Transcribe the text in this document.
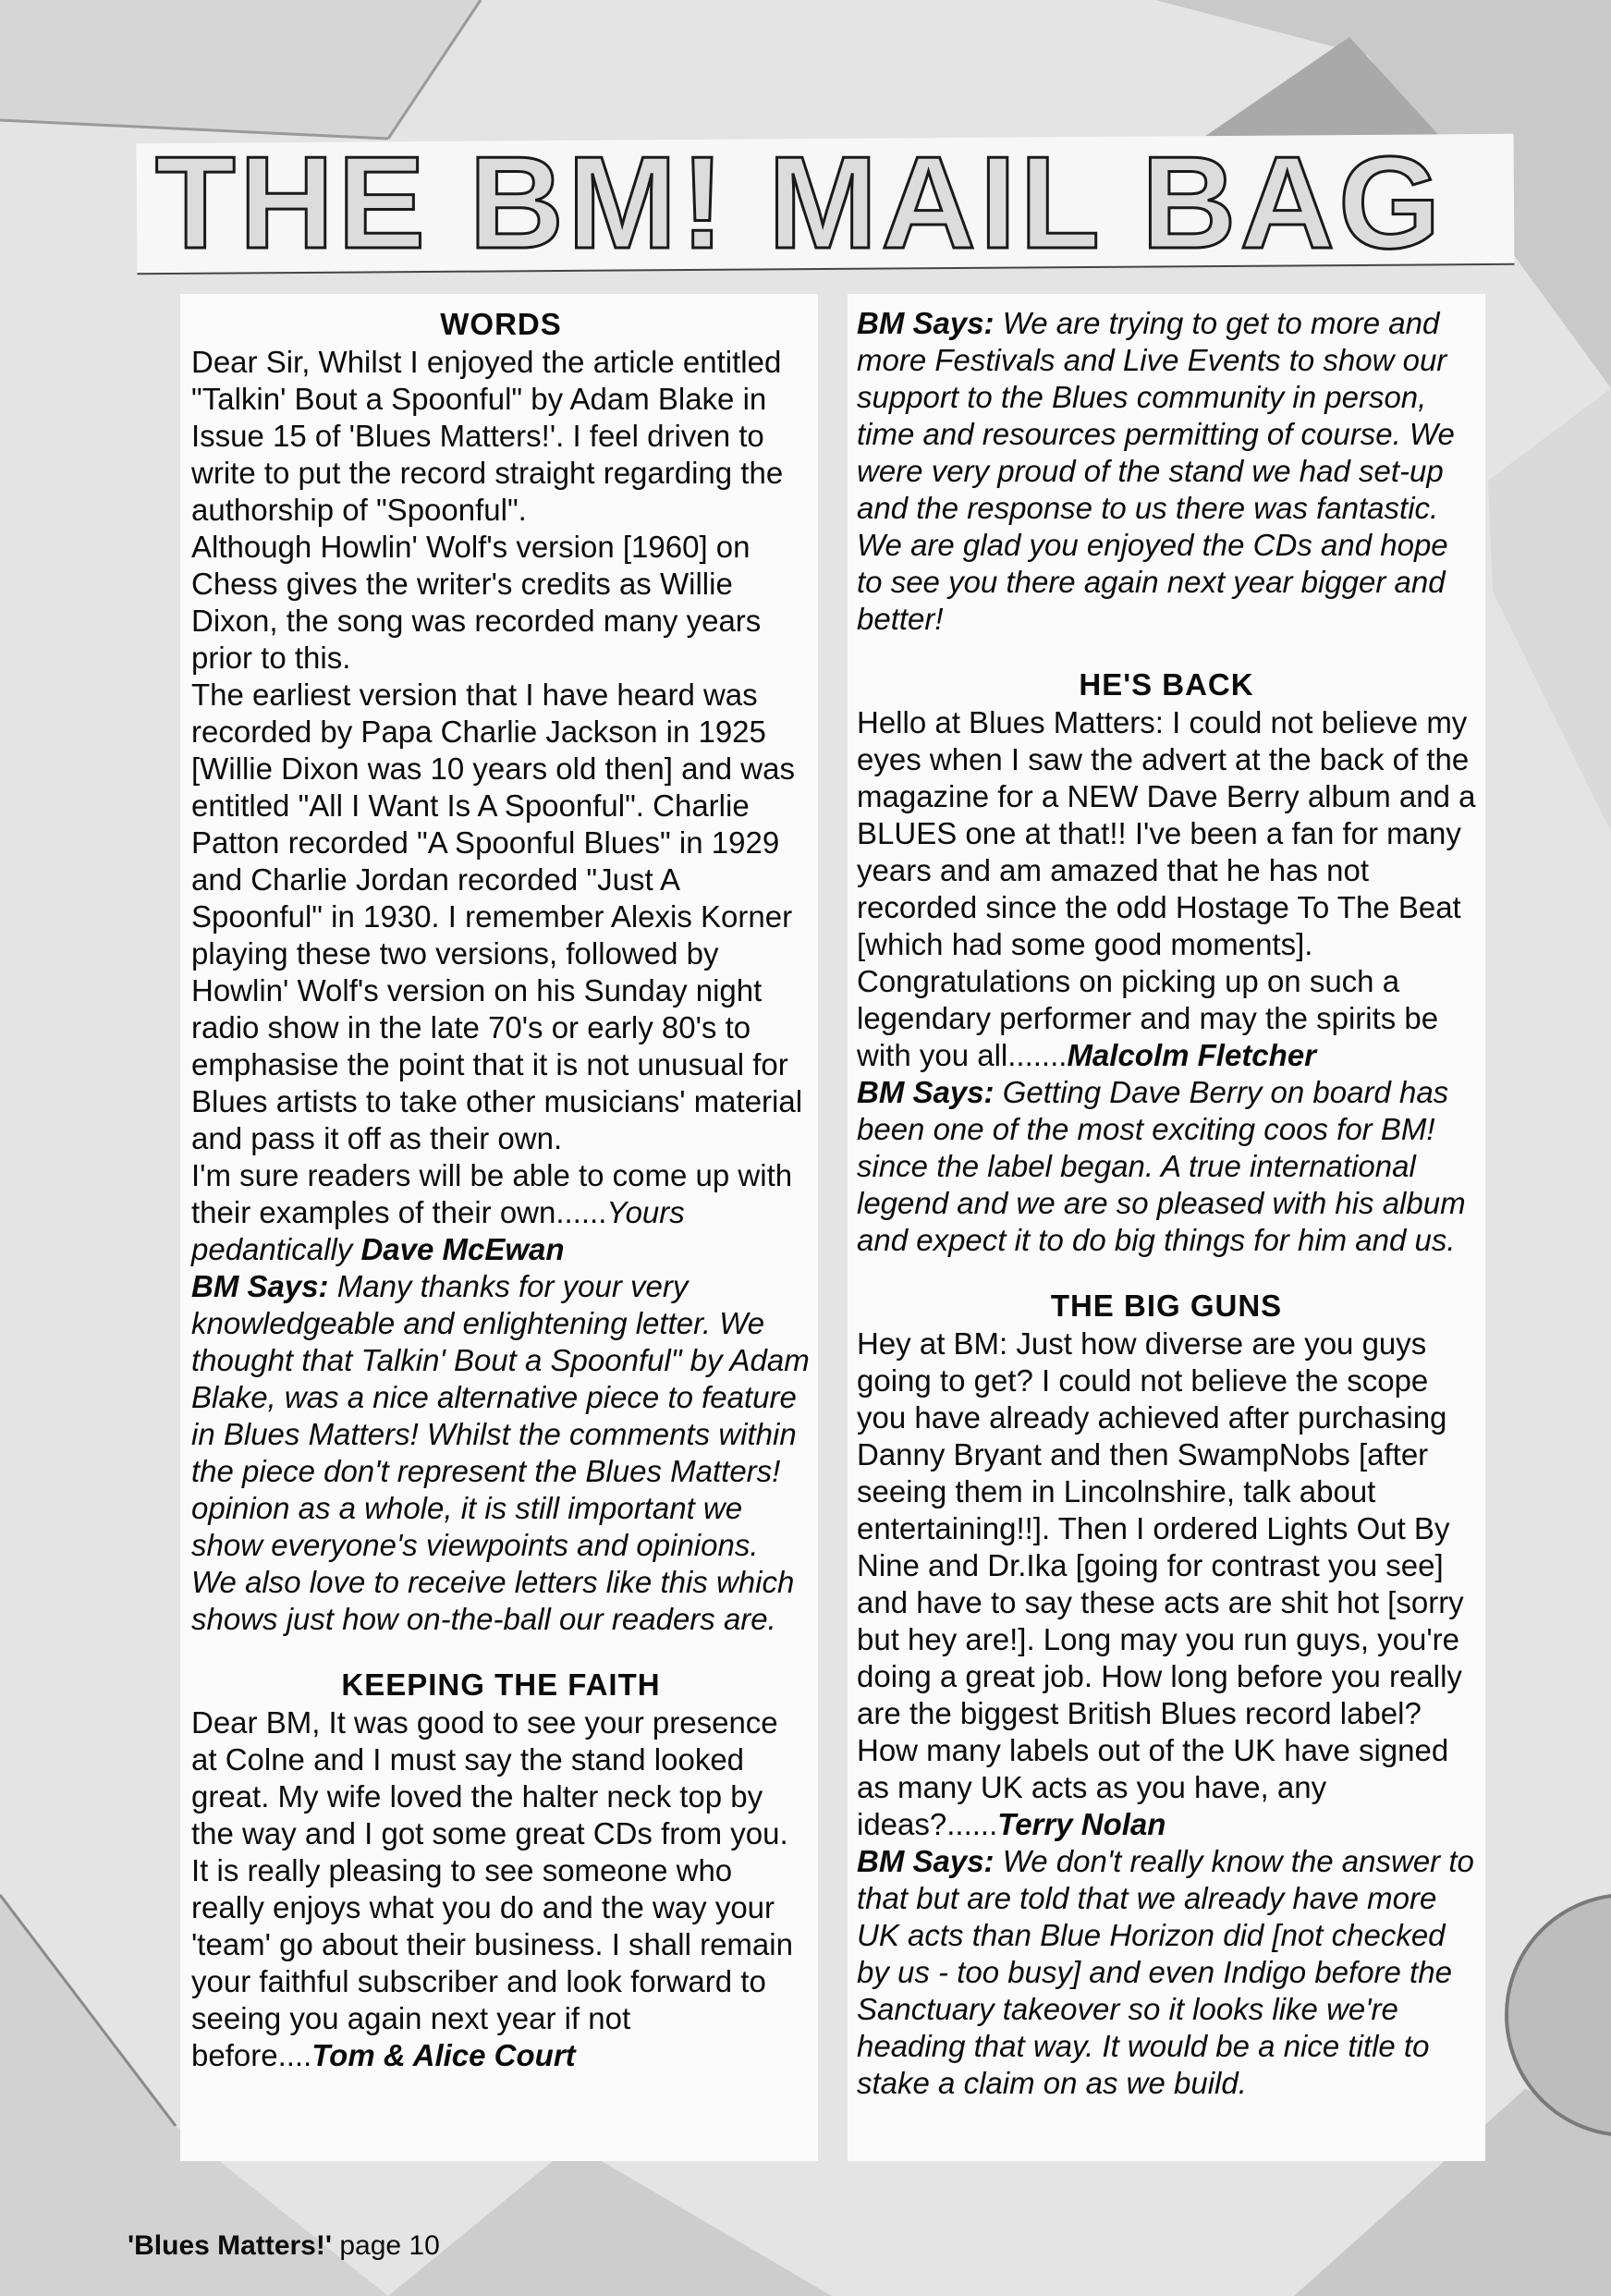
THE BM! MAIL BAG
WORDS

Dear Sir, Whilst I enjoyed the article entitled "Talkin' Bout a Spoonful" by Adam Blake in Issue 15 of 'Blues Matters!'. I feel driven to write to put the record straight regarding the authorship of "Spoonful".

Although Howlin' Wolf's version [1960] on Chess gives the writer's credits as Willie Dixon, the song was recorded many years prior to this.

The earliest version that I have heard was recorded by Papa Charlie Jackson in 1925 [Willie Dixon was 10 years old then] and was entitled "All I Want Is A Spoonful". Charlie Patton recorded "A Spoonful Blues" in 1929 and Charlie Jordan recorded "Just A Spoonful" in 1930. I remember Alexis Korner playing these two versions, followed by Howlin' Wolf's version on his Sunday night radio show in the late 70's or early 80's to emphasise the point that it is not unusual for Blues artists to take other musicians' material and pass it off as their own.

I'm sure readers will be able to come up with their examples of their own......Yours pedantically Dave McEwan

BM Says: Many thanks for your very knowledgeable and enlightening letter. We thought that Talkin' Bout a Spoonful" by Adam Blake, was a nice alternative piece to feature in Blues Matters! Whilst the comments within the piece don't represent the Blues Matters! opinion as a whole, it is still important we show everyone's viewpoints and opinions. We also love to receive letters like this which shows just how on-the-ball our readers are.

KEEPING THE FAITH

Dear BM, It was good to see your presence at Colne and I must say the stand looked great. My wife loved the halter neck top by the way and I got some great CDs from you. It is really pleasing to see someone who really enjoys what you do and the way your 'team' go about their business. I shall remain your faithful subscriber and look forward to seeing you again next year if not before....Tom & Alice Court

BM Says: We are trying to get to more and more Festivals and Live Events to show our support to the Blues community in person, time and resources permitting of course. We were very proud of the stand we had set-up and the response to us there was fantastic. We are glad you enjoyed the CDs and hope to see you there again next year bigger and better!

HE'S BACK

Hello at Blues Matters: I could not believe my eyes when I saw the advert at the back of the magazine for a NEW Dave Berry album and a BLUES one at that!! I've been a fan for many years and am amazed that he has not recorded since the odd Hostage To The Beat [which had some good moments]. Congratulations on picking up on such a legendary performer and may the spirits be with you all.......Malcolm Fletcher

BM Says: Getting Dave Berry on board has been one of the most exciting coos for BM! since the label began. A true international legend and we are so pleased with his album and expect it to do big things for him and us.

THE BIG GUNS

Hey at BM: Just how diverse are you guys going to get? I could not believe the scope you have already achieved after purchasing Danny Bryant and then SwampNobs [after seeing them in Lincolnshire, talk about entertaining!!]. Then I ordered Lights Out By Nine and Dr.Ika [going for contrast you see] and have to say these acts are shit hot [sorry but hey are!]. Long may you run guys, you're doing a great job. How long before you really are the biggest British Blues record label? How many labels out of the UK have signed as many UK acts as you have, any ideas?......Terry Nolan

BM Says: We don't really know the answer to that but are told that we already have more UK acts than Blue Horizon did [not checked by us - too busy] and even Indigo before the Sanctuary takeover so it looks like we're heading that way. It would be a nice title to stake a claim on as we build.

'Blues Matters!' page 10
